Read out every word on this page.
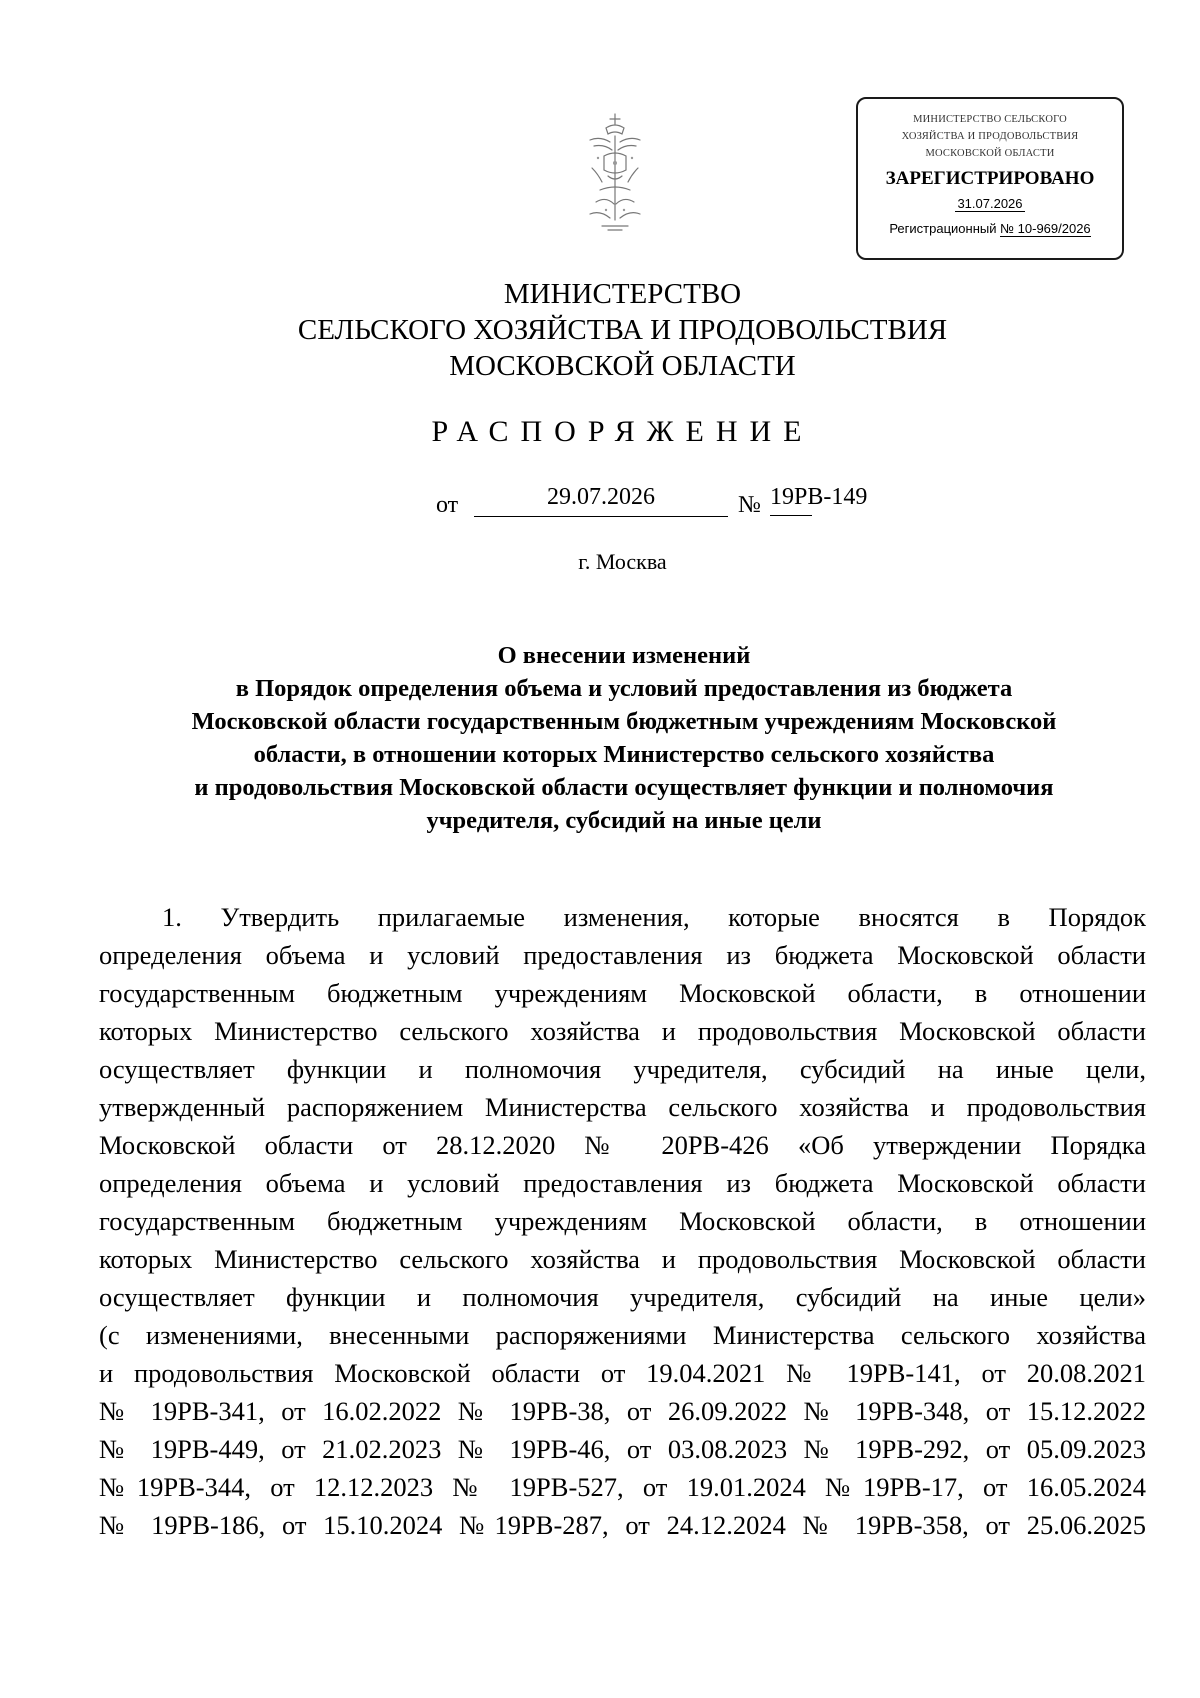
МИНИСТЕРСТВО СЕЛЬСКОГО
ХОЗЯЙСТВА И ПРОДОВОЛЬСТВИЯ
МОСКОВСКОЙ ОБЛАСТИ
ЗАРЕГИСТРИРОВАНО
31.07.2026
Регистрационный № 10-969/2026
МИНИСТЕРСТВО
СЕЛЬСКОГО ХОЗЯЙСТВА И ПРОДОВОЛЬСТВИЯ
МОСКОВСКОЙ ОБЛАСТИ
РАСПОРЯЖЕНИЕ
от	29.07.2026	№ 19РВ-149
г. Москва
О внесении изменений
в Порядок определения объема и условий предоставления из бюджета
Московской области государственным бюджетным учреждениям Московской
области, в отношении которых Министерство сельского хозяйства
и продовольствия Московской области осуществляет функции и полномочия
учредителя, субсидий на иные цели
1. Утвердить прилагаемые изменения, которые вносятся в Порядок
определения объема и условий предоставления из бюджета Московской области
государственным бюджетным учреждениям Московской области, в отношении
которых Министерство сельского хозяйства и продовольствия Московской области
осуществляет функции и полномочия учредителя, субсидий на иные цели,
утвержденный распоряжением Министерства сельского хозяйства и продовольствия
Московской области от 28.12.2020 № 20РВ-426 «Об утверждении Порядка
определения объема и условий предоставления из бюджета Московской области
государственным бюджетным учреждениям Московской области, в отношении
которых Министерство сельского хозяйства и продовольствия Московской области
осуществляет функции и полномочия учредителя, субсидий на иные цели»
(с изменениями, внесенными распоряжениями Министерства сельского хозяйства
и продовольствия Московской области от 19.04.2021 № 19РВ-141, от 20.08.2021
№ 19РВ-341, от 16.02.2022 № 19РВ-38, от 26.09.2022 № 19РВ-348, от 15.12.2022
№ 19РВ-449, от 21.02.2023 № 19РВ-46, от 03.08.2023 № 19РВ-292, от 05.09.2023
№19РВ-344, от 12.12.2023 № 19РВ-527, от 19.01.2024 №19РВ-17, от 16.05.2024
№ 19РВ-186, от 15.10.2024 №19РВ-287, от 24.12.2024 № 19РВ-358, от 25.06.2025
